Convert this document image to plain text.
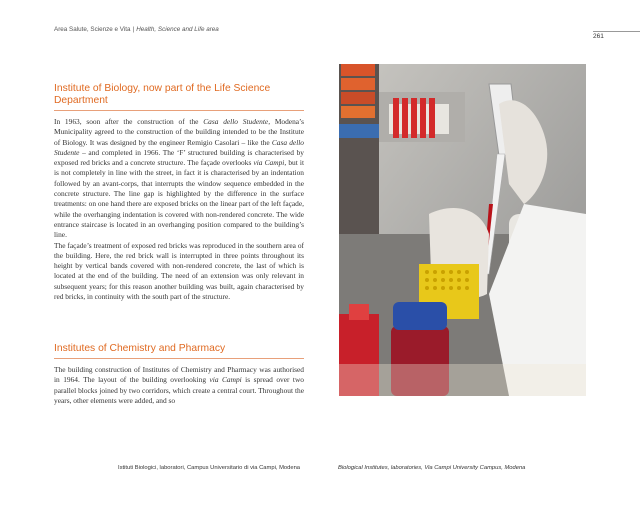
Area Salute, Scienze e Vita | Health, Science and Life area
261
Institute of Biology, now part of the Life Science Department

In 1963, soon after the construction of the Casa dello Studente, Modena’s Municipality agreed to the construction of the building intended to be the Institute of Biology. It was designed by the engineer Remigio Casolari – like the Casa dello Studente – and completed in 1966. The ‘F’ structured building is characterised by exposed red bricks and a concrete structure. The façade overlooks via Campi, but it is not completely in line with the street, in fact it is characterised by an indentation followed by an avant-corps, that interrupts the window sequence embedded in the concrete structure. The line gap is highlighted by the difference in the surface treatments: on one hand there are exposed bricks on the linear part of the left façade, while the overhanging indentation is covered with non-rendered concrete. The wide entrance staircase is located in an overhanging position compared to the building’s line.

The façade’s treatment of exposed red bricks was reproduced in the southern area of the building. Here, the red brick wall is interrupted in three points throughout its height by vertical bands covered with non-rendered concrete, the last of which is located at the end of the building. The need of an extension was only relevant in subsequent years; for this reason another building was built, again characterised by red bricks, in continuity with the south part of the structure.

Institutes of Chemistry and Pharmacy

The building construction of Institutes of Chemistry and Pharmacy was authorised in 1964. The layout of the building overlooking via Campi is spread over two parallel blocks joined by two corridors, which create a central court. Throughout the years, other elements were added, and so

Istituti Biologici, laboratori, Campus Universitario di via Campi, Modena	Biological Institutes, laboratories, Via Campi University Campus, Modena
